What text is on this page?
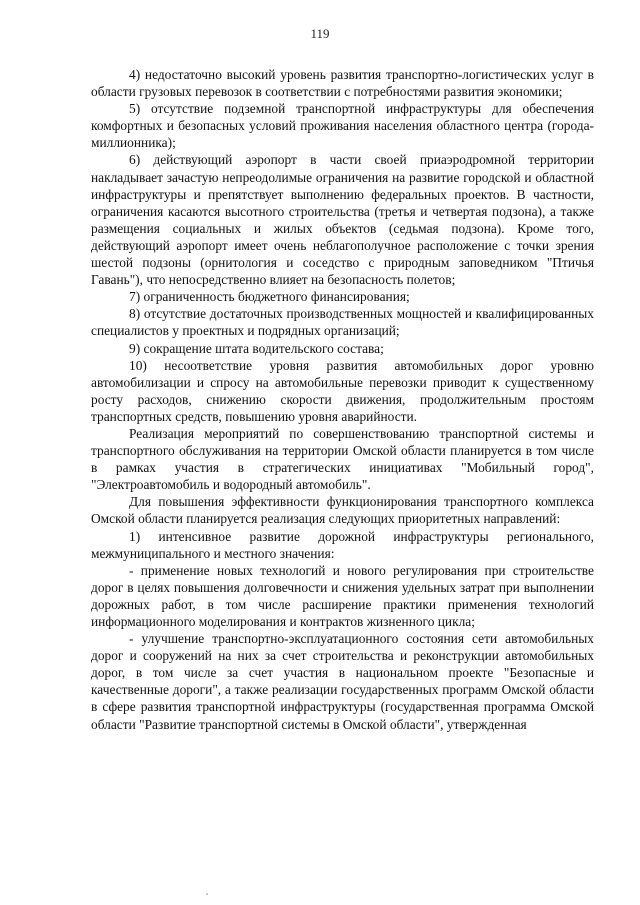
119

4) недостаточно высокий уровень развития транспортно-логистических услуг в области грузовых перевозок в соответствии с потребностями развития экономики;

5) отсутствие подземной транспортной инфраструктуры для обеспечения комфортных и безопасных условий проживания населения областного центра (города-миллионника);

6) действующий аэропорт в части своей приаэродромной территории накладывает зачастую непреодолимые ограничения на развитие городской и областной инфраструктуры и препятствует выполнению федеральных проектов. В частности, ограничения касаются высотного строительства (третья и четвертая подзона), а также размещения социальных и жилых объектов (седьмая подзона). Кроме того, действующий аэропорт имеет очень неблагополучное расположение с точки зрения шестой подзоны (орнитология и соседство с природным заповедником "Птичья Гавань"), что непосредственно влияет на безопасность полетов;

7) ограниченность бюджетного финансирования;

8) отсутствие достаточных производственных мощностей и квалифицированных специалистов у проектных и подрядных организаций;

9) сокращение штата водительского состава;

10) несоответствие уровня развития автомобильных дорог уровню автомобилизации и спросу на автомобильные перевозки приводит к существенному росту расходов, снижению скорости движения, продолжительным простоям транспортных средств, повышению уровня аварийности.

Реализация мероприятий по совершенствованию транспортной системы и транспортного обслуживания на территории Омской области планируется в том числе в рамках участия в стратегических инициативах "Мобильный город", "Электроавтомобиль и водородный автомобиль".

Для повышения эффективности функционирования транспортного комплекса Омской области планируется реализация следующих приоритетных направлений:

1) интенсивное развитие дорожной инфраструктуры регионального, межмуниципального и местного значения:

- применение новых технологий и нового регулирования при строительстве дорог в целях повышения долговечности и снижения удельных затрат при выполнении дорожных работ, в том числе расширение практики применения технологий информационного моделирования и контрактов жизненного цикла;

- улучшение транспортно-эксплуатационного состояния сети автомобильных дорог и сооружений на них за счет строительства и реконструкции автомобильных дорог, в том числе за счет участия в национальном проекте "Безопасные и качественные дороги", а также реализации государственных программ Омской области в сфере развития транспортной инфраструктуры (государственная программа Омской области "Развитие транспортной системы в Омской области", утвержденная
